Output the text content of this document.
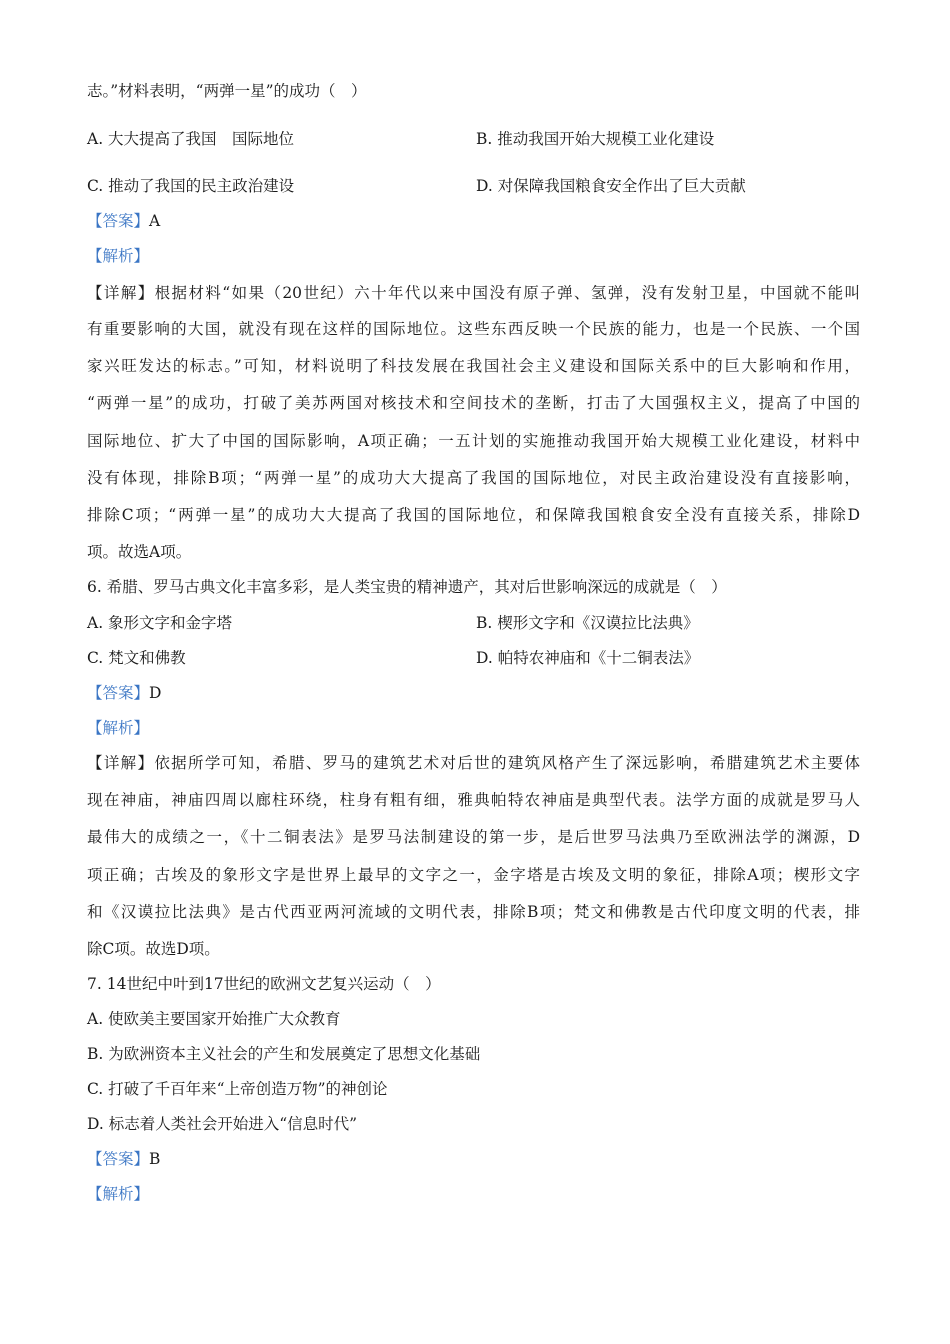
志。”材料表明，“两弹一星”的成功（　）
A. 大大提高了我国　国际地位	B. 推动我国开始大规模工业化建设
C. 推动了我国的民主政治建设	D. 对保障我国粮食安全作出了巨大贡献
【答案】A
【解析】
【详解】根据材料“如果（20世纪）六十年代以来中国没有原子弹、氢弹，没有发射卫星，中国就不能叫
有重要影响的大国，就没有现在这样的国际地位。这些东西反映一个民族的能力，也是一个民族、一个国
家兴旺发达的标志。”可知，材料说明了科技发展在我国社会主义建设和国际关系中的巨大影响和作用，
“两弹一星”的成功，打破了美苏两国对核技术和空间技术的垄断，打击了大国强权主义，提高了中国的
国际地位、扩大了中国的国际影响，A项正确；一五计划的实施推动我国开始大规模工业化建设，材料中
没有体现，排除B项；“两弹一星”的成功大大提高了我国的国际地位，对民主政治建设没有直接影响，
排除C项；“两弹一星”的成功大大提高了我国的国际地位，和保障我国粮食安全没有直接关系，排除D
项。故选A项。
6. 希腊、罗马古典文化丰富多彩，是人类宝贵的精神遗产，其对后世影响深远的成就是（　）
A. 象形文字和金字塔	B. 楔形文字和《汉谟拉比法典》
C. 梵文和佛教	D. 帕特农神庙和《十二铜表法》
【答案】D
【解析】
【详解】依据所学可知，希腊、罗马的建筑艺术对后世的建筑风格产生了深远影响，希腊建筑艺术主要体
现在神庙，神庙四周以廊柱环绕，柱身有粗有细，雅典帕特农神庙是典型代表。法学方面的成就是罗马人
最伟大的成绩之一，《十二铜表法》是罗马法制建设的第一步，是后世罗马法典乃至欧洲法学的渊源，D
项正确；古埃及的象形文字是世界上最早的文字之一，金字塔是古埃及文明的象征，排除A项；楔形文字
和《汉谟拉比法典》是古代西亚两河流域的文明代表，排除B项；梵文和佛教是古代印度文明的代表，排
除C项。故选D项。
7. 14世纪中叶到17世纪的欧洲文艺复兴运动（　）
A. 使欧美主要国家开始推广大众教育
B. 为欧洲资本主义社会的产生和发展奠定了思想文化基础
C. 打破了千百年来“上帝创造万物”的神创论
D. 标志着人类社会开始进入“信息时代”
【答案】B
【解析】
